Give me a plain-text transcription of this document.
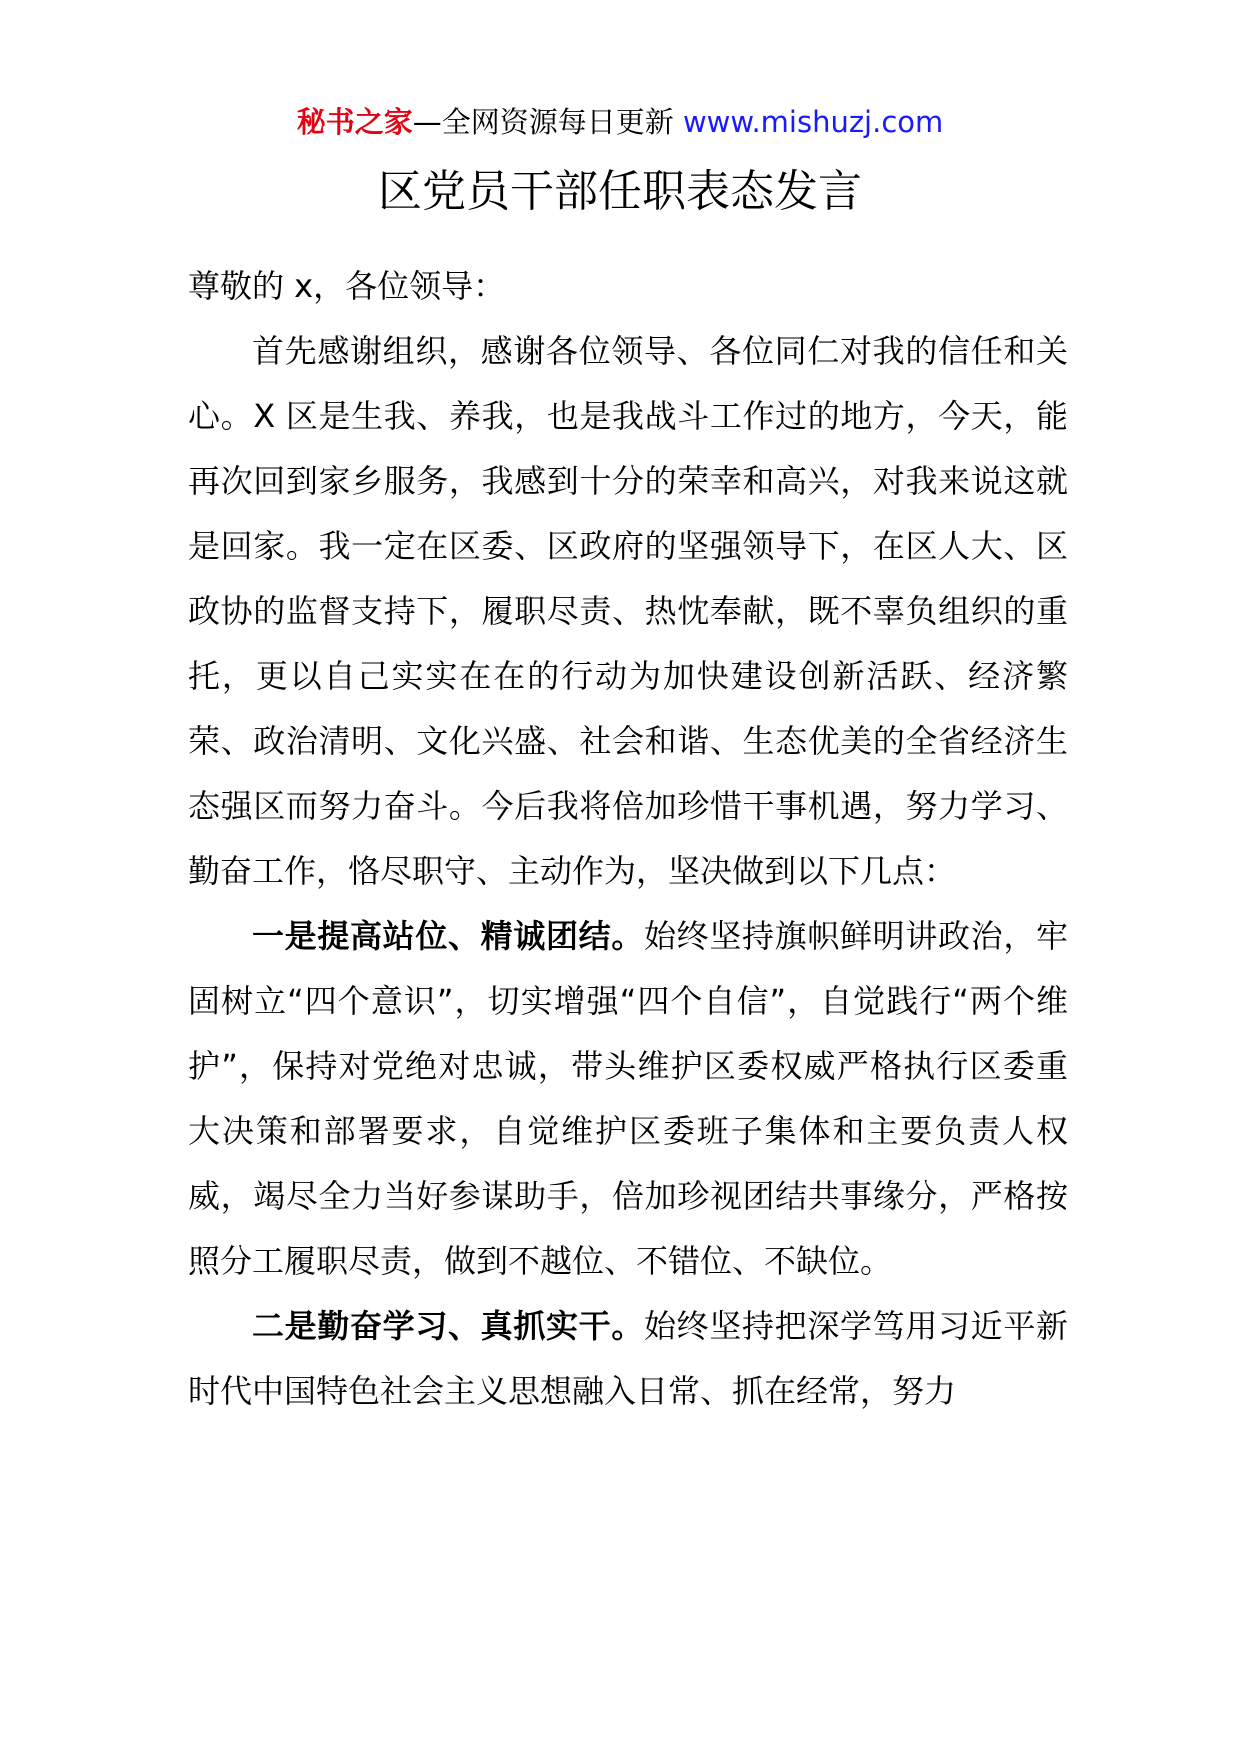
秘书之家—全网资源每日更新 www.mishuzj.com
区党员干部任职表态发言

尊敬的 x，各位领导：

首先感谢组织，感谢各位领导、各位同仁对我的信任和关心。X 区是生我、养我，也是我战斗工作过的地方，今天，能再次回到家乡服务，我感到十分的荣幸和高兴，对我来说这就是回家。我一定在区委、区政府的坚强领导下，在区人大、区政协的监督支持下，履职尽责、热忱奉献，既不辜负组织的重托，更以自己实实在在的行动为加快建设创新活跃、经济繁荣、政治清明、文化兴盛、社会和谐、生态优美的全省经济生态强区而努力奋斗。今后我将倍加珍惜干事机遇，努力学习、勤奋工作，恪尽职守、主动作为，坚决做到以下几点：

一是提高站位、精诚团结。始终坚持旗帜鲜明讲政治，牢固树立“四个意识”，切实增强“四个自信”，自觉践行“两个维护”，保持对党绝对忠诚，带头维护区委权威严格执行区委重大决策和部署要求，自觉维护区委班子集体和主要负责人权威，竭尽全力当好参谋助手，倍加珍视团结共事缘分，严格按照分工履职尽责，做到不越位、不错位、不缺位。

二是勤奋学习、真抓实干。始终坚持把深学笃用习近平新时代中国特色社会主义思想融入日常、抓在经常，努力
